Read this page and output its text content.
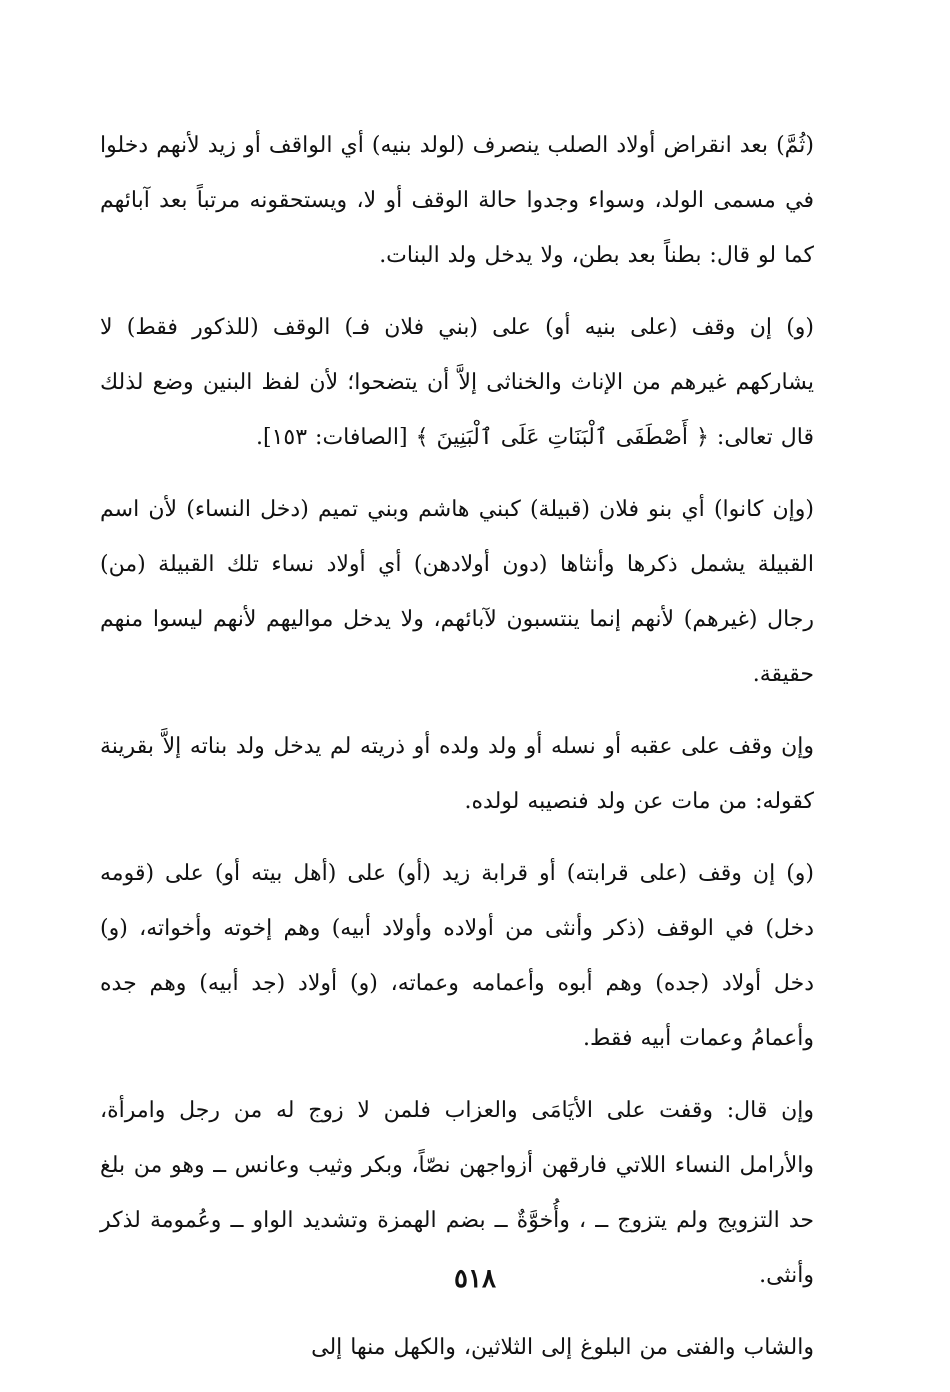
(ثُمَّ) بعد انقراض أولاد الصلب ينصرف (لولد بنيه) أي الواقف أو زيد لأنهم دخلوا في مسمى الولد، وسواء وجدوا حالة الوقف أو لا، ويستحقونه مرتباً بعد آبائهم كما لو قال: بطناً بعد بطن، ولا يدخل ولد البنات.

(و) إن وقف (على بنيه أو) على (بني فلان فـ) الوقف (للذكور فقط) لا يشاركهم غيرهم من الإناث والخناثى إلاَّ أن يتضحوا؛ لأن لفظ البنين وضع لذلك قال تعالى: ﴿ أَصْطَفَى ٱلْبَنَاتِ عَلَى ٱلْبَنِينَ ﴾ [الصافات: ١٥٣].

(وإن كانوا) أي بنو فلان (قبيلة) كبني هاشم وبني تميم (دخل النساء) لأن اسم القبيلة يشمل ذكرها وأنثاها (دون أولادهن) أي أولاد نساء تلك القبيلة (من) رجال (غيرهم) لأنهم إنما ينتسبون لآبائهم، ولا يدخل مواليهم لأنهم ليسوا منهم حقيقة.

وإن وقف على عقبه أو نسله أو ولد ولده أو ذريته لم يدخل ولد بناته إلاَّ بقرينة كقوله: من مات عن ولد فنصيبه لولده.

(و) إن وقف (على قرابته) أو قرابة زيد (أو) على (أهل بيته أو) على (قومه دخل) في الوقف (ذكر وأنثى من أولاده وأولاد أبيه) وهم إخوته وأخواته، (و) دخل أولاد (جده) وهم أبوه وأعمامه وعماته، (و) أولاد (جد أبيه) وهم جده وأعمامُ وعمات أبيه فقط.

وإن قال: وقفت على الأيَامَى والعزاب فلمن لا زوج له من رجل وامرأة، والأرامل النساء اللاتي فارقهن أزواجهن نصّاً، وبكر وثيب وعانس ــ وهو من بلغ حد التزويج ولم يتزوج ــ ، وأُخوَّةٌ ــ بضم الهمزة وتشديد الواو ــ وعُمومة لذكر وأنثى.

والشاب والفتى من البلوغ إلى الثلاثين، والكهل منها إلى

٥١٨
